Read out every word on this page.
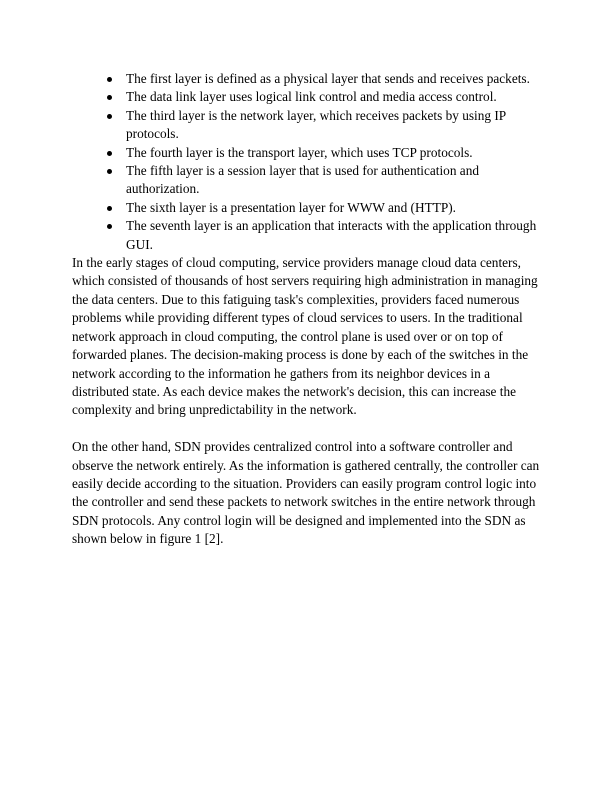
The first layer is defined as a physical layer that sends and receives packets.
The data link layer uses logical link control and media access control.
The third layer is the network layer, which receives packets by using IP protocols.
The fourth layer is the transport layer, which uses TCP protocols.
The fifth layer is a session layer that is used for authentication and authorization.
The sixth layer is a presentation layer for WWW and (HTTP).
The seventh layer is an application that interacts with the application through GUI.

In the early stages of cloud computing, service providers manage cloud data centers, which consisted of thousands of host servers requiring high administration in managing the data centers. Due to this fatiguing task's complexities, providers faced numerous problems while providing different types of cloud services to users. In the traditional network approach in cloud computing, the control plane is used over or on top of forwarded planes. The decision-making process is done by each of the switches in the network according to the information he gathers from its neighbor devices in a distributed state. As each device makes the network's decision, this can increase the complexity and bring unpredictability in the network.

On the other hand, SDN provides centralized control into a software controller and observe the network entirely. As the information is gathered centrally, the controller can easily decide according to the situation. Providers can easily program control logic into the controller and send these packets to network switches in the entire network through SDN protocols. Any control login will be designed and implemented into the SDN as shown below in figure 1 [2].
